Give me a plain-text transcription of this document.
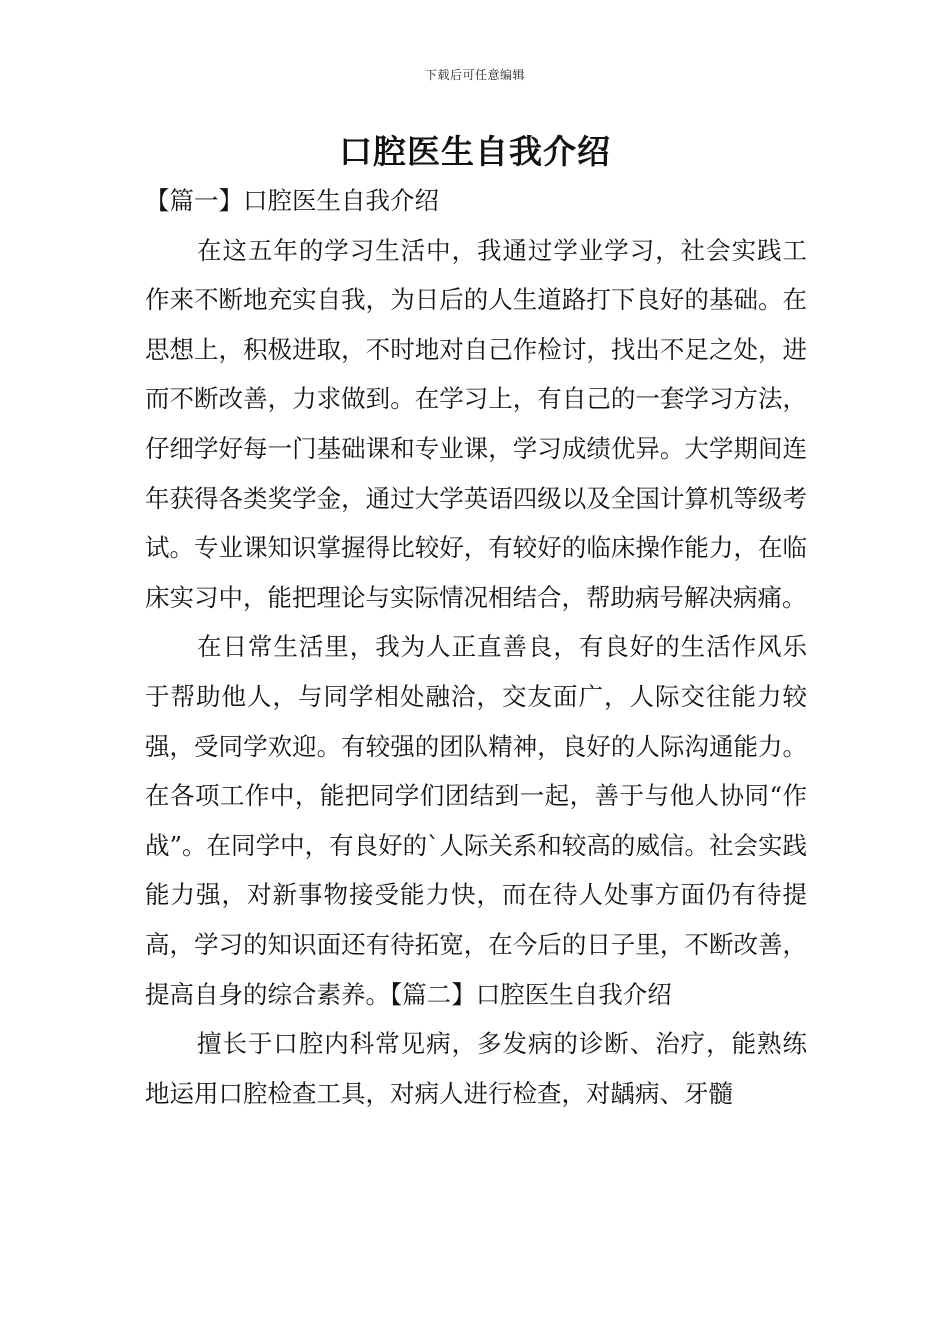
下载后可任意编辑
口腔医生自我介绍

【篇一】口腔医生自我介绍

在这五年的学习生活中，我通过学业学习，社会实践工作来不断地充实自我，为日后的人生道路打下良好的基础。在思想上，积极进取，不时地对自己作检讨，找出不足之处，进而不断改善，力求做到。在学习上，有自己的一套学习方法，仔细学好每一门基础课和专业课，学习成绩优异。大学期间连年获得各类奖学金，通过大学英语四级以及全国计算机等级考试。专业课知识掌握得比较好，有较好的临床操作能力，在临床实习中，能把理论与实际情况相结合，帮助病号解决病痛。

在日常生活里，我为人正直善良，有良好的生活作风乐于帮助他人，与同学相处融洽，交友面广，人际交往能力较强，受同学欢迎。有较强的团队精神，良好的人际沟通能力。在各项工作中，能把同学们团结到一起，善于与他人协同“作战”。在同学中，有良好的`人际关系和较高的威信。社会实践能力强，对新事物接受能力快，而在待人处事方面仍有待提高，学习的知识面还有待拓宽，在今后的日子里，不断改善，提高自身的综合素养。【篇二】口腔医生自我介绍

擅长于口腔内科常见病，多发病的诊断、治疗，能熟练地运用口腔检查工具，对病人进行检查，对龋病、牙髓
